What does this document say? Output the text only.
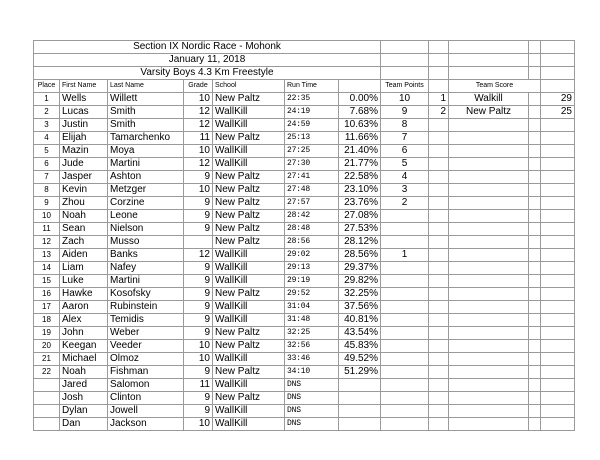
Section IX Nordic Race - Mohonk											
January 11, 2018											
Varsity Boys 4.3 Km Freestyle											
Place	First Name	Last Name	Grade	School	Run Time		Team Points		Team Score		
1	Wells	Willett	10	New Paltz	22:35	0.00%	10	1	Walkill		29
2	Lucas	Smith	12	WallKill	24:19	7.68%	9	2	New Paltz		25
3	Justin	Smith	12	WallKill	24:59	10.63%	8				
4	Elijah	Tamarchenko	11	New Paltz	25:13	11.66%	7				
5	Mazin	Moya	10	WallKill	27:25	21.40%	6				
6	Jude	Martini	12	WallKill	27:30	21.77%	5				
7	Jasper	Ashton	9	New Paltz	27:41	22.58%	4				
8	Kevin	Metzger	10	New Paltz	27:48	23.10%	3				
9	Zhou	Corzine	9	New Paltz	27:57	23.76%	2				
10	Noah	Leone	9	New Paltz	28:42	27.08%					
11	Sean	Nielson	9	New Paltz	28:48	27.53%					
12	Zach	Musso		New Paltz	28:56	28.12%					
13	Aiden	Banks	12	WallKill	29:02	28.56%	1				
14	Liam	Nafey	9	WallKill	29:13	29.37%					
15	Luke	Martini	9	WallKill	29:19	29.82%					
16	Hawke	Kosofsky	9	New Paltz	29:52	32.25%					
17	Aaron	Rubinstein	9	WallKill	31:04	37.56%					
18	Alex	Temidis	9	WallKill	31:48	40.81%					
19	John	Weber	9	New Paltz	32:25	43.54%					
20	Keegan	Veeder	10	New Paltz	32:56	45.83%					
21	Michael	Olmoz	10	WallKill	33:46	49.52%					
22	Noah	Fishman	9	New Paltz	34:10	51.29%					
	Jared	Salomon	11	WallKill	DNS						
	Josh	Clinton	9	New Paltz	DNS						
	Dylan	Jowell	9	WallKill	DNS						
	Dan	Jackson	10	WallKill	DNS						
